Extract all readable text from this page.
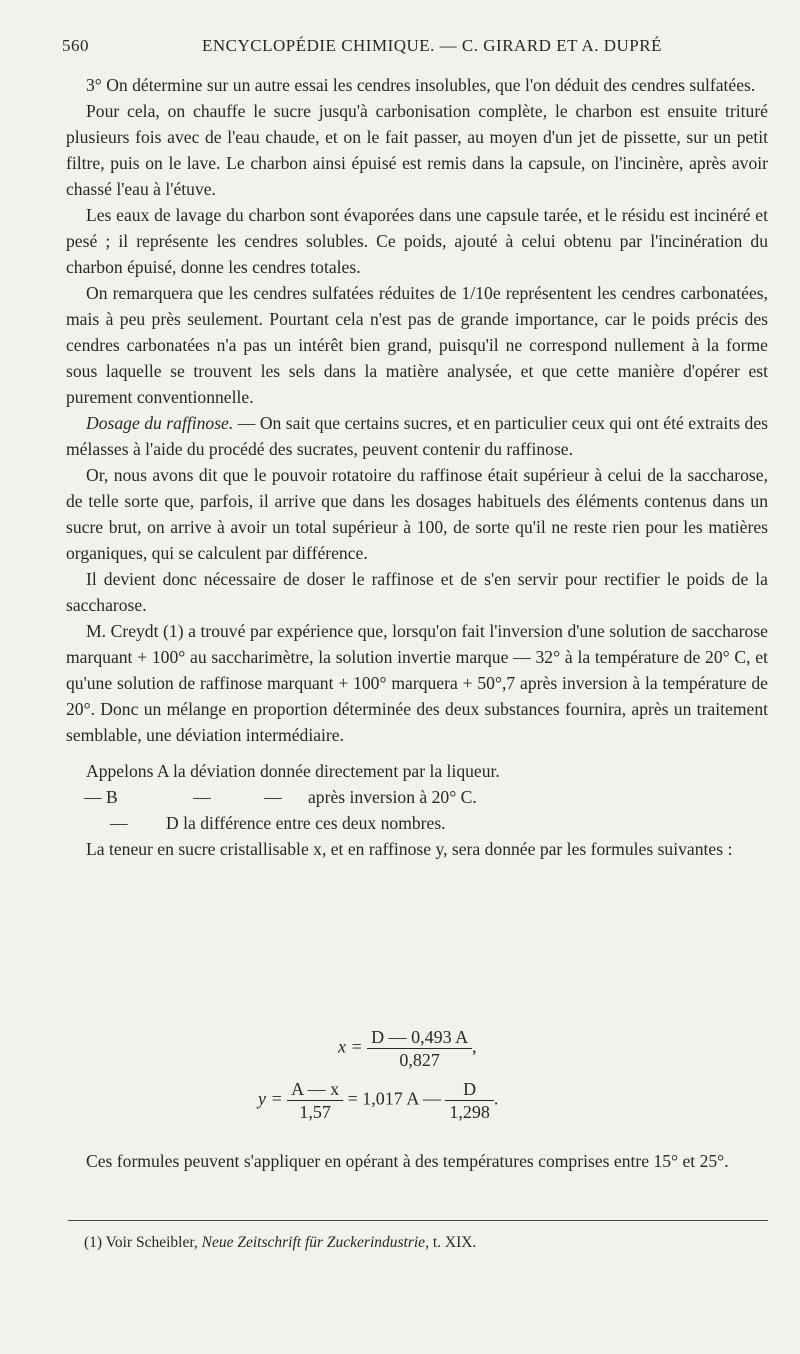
560	ENCYCLOPÉDIE CHIMIQUE. — C. GIRARD ET A. DUPRÉ

3° On détermine sur un autre essai les cendres insolubles, que l'on déduit des cendres sulfatées.

Pour cela, on chauffe le sucre jusqu'à carbonisation complète, le charbon est ensuite trituré plusieurs fois avec de l'eau chaude, et on le fait passer, au moyen d'un jet de pissette, sur un petit filtre, puis on le lave. Le charbon ainsi épuisé est remis dans la capsule, on l'incinère, après avoir chassé l'eau à l'étuve.

Les eaux de lavage du charbon sont évaporées dans une capsule tarée, et le résidu est incinéré et pesé ; il représente les cendres solubles. Ce poids, ajouté à celui obtenu par l'incinération du charbon épuisé, donne les cendres totales.

On remarquera que les cendres sulfatées réduites de 1/10e représentent les cendres carbonatées, mais à peu près seulement. Pourtant cela n'est pas de grande importance, car le poids précis des cendres carbonatées n'a pas un intérêt bien grand, puisqu'il ne correspond nullement à la forme sous laquelle se trouvent les sels dans la matière analysée, et que cette manière d'opérer est purement conventionnelle.

Dosage du raffinose. — On sait que certains sucres, et en particulier ceux qui ont été extraits des mélasses à l'aide du procédé des sucrates, peuvent contenir du raffinose.

Or, nous avons dit que le pouvoir rotatoire du raffinose était supérieur à celui de la saccharose, de telle sorte que, parfois, il arrive que dans les dosages habituels des éléments contenus dans un sucre brut, on arrive à avoir un total supérieur à 100, de sorte qu'il ne reste rien pour les matières organiques, qui se calculent par différence.

Il devient donc nécessaire de doser le raffinose et de s'en servir pour rectifier le poids de la saccharose.

M. Creydt (1) a trouvé par expérience que, lorsqu'on fait l'inversion d'une solution de saccharose marquant + 100° au saccharimètre, la solution invertie marque — 32° à la température de 20° C, et qu'une solution de raffinose marquant + 100° marquera + 50°,7 après inversion à la température de 20°. Donc un mélange en proportion déterminée des deux substances fournira, après un traitement semblable, une déviation intermédiaire.

Appelons A la déviation donnée directement par la liqueur.

— B	—	—	après inversion à 20° C.
—	D la différence entre ces deux nombres.

La teneur en sucre cristallisable x, et en raffinose y, sera donnée par les formules suivantes :

$x = \frac{D — 0,493 A}{0,827}$ ,
$y = \frac{A — x}{1,57} = 1,017$ A — $\frac{D}{1,298}$ .

Ces formules peuvent s'appliquer en opérant à des températures comprises entre 15° et 25°.

(1) Voir Scheibler, Neue Zeitschrift für Zuckerindustrie, t. XIX.
